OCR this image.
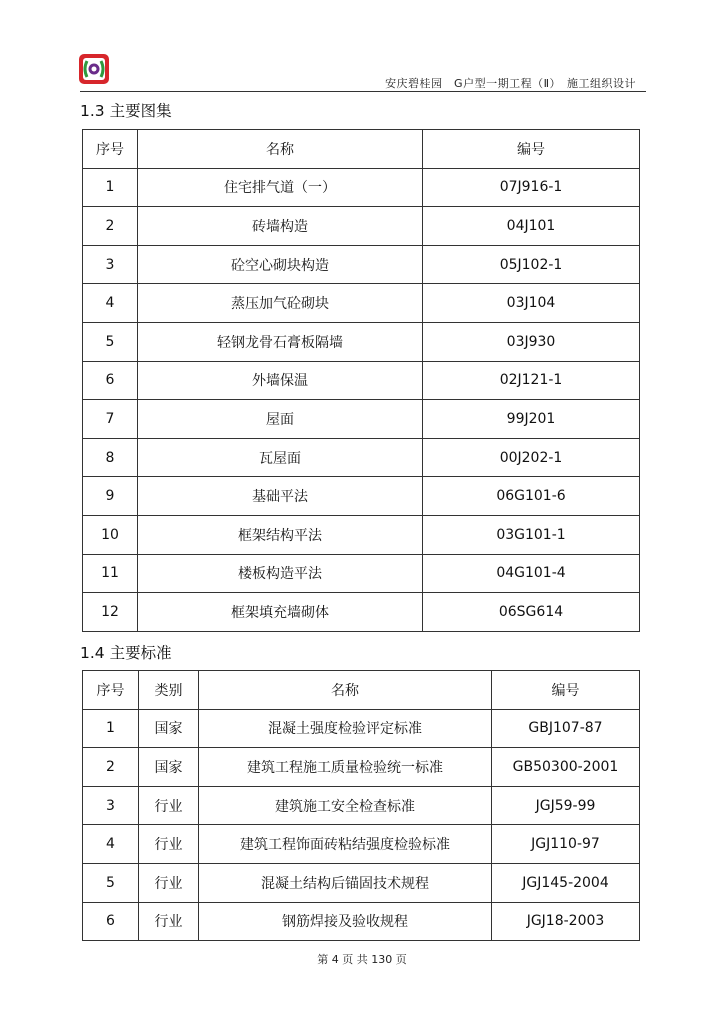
安庆碧桂园　G户型一期工程（Ⅱ）　施工组织设计
1.3 主要图集
序号	名称	编号
1	住宅排气道（一）	07J916-1
2	砖墙构造	04J101
3	砼空心砌块构造	05J102-1
4	蒸压加气砼砌块	03J104
5	轻钢龙骨石膏板隔墙	03J930
6	外墙保温	02J121-1
7	屋面	99J201
8	瓦屋面	00J202-1
9	基础平法	06G101-6
10	框架结构平法	03G101-1
11	楼板构造平法	04G101-4
12	框架填充墙砌体	06SG614
1.4 主要标准
序号	类别	名称	编号
1	国家	混凝土强度检验评定标准	GBJ107-87
2	国家	建筑工程施工质量检验统一标准	GB50300-2001
3	行业	建筑施工安全检查标准	JGJ59-99
4	行业	建筑工程饰面砖粘结强度检验标准	JGJ110-97
5	行业	混凝土结构后锚固技术规程	JGJ145-2004
6	行业	钢筋焊接及验收规程	JGJ18-2003
第 4 页 共 130 页
